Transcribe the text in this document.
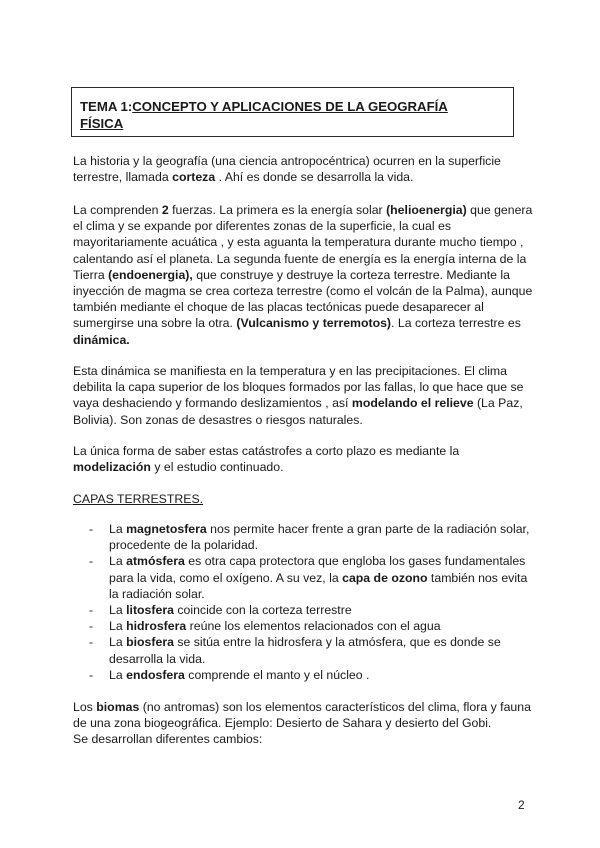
TEMA 1:CONCEPTO Y APLICACIONES DE LA GEOGRAFÍA
FÍSICA

La historia y la geografía (una ciencia antropocéntrica) ocurren en la superficie terrestre, llamada corteza . Ahí es donde se desarrolla la vida.

La comprenden 2 fuerzas. La primera es la energía solar (helioenergia) que genera el clima y se expande por diferentes zonas de la superficie, la cual es mayoritariamente acuática , y esta aguanta la temperatura durante mucho tiempo , calentando así el planeta. La segunda fuente de energía es la energía interna de la Tierra (endoenergia), que construye y destruye la corteza terrestre. Mediante la inyección de magma se crea corteza terrestre (como el volcán de la Palma), aunque también mediante el choque de las placas tectónicas puede desaparecer al sumergirse una sobre la otra. (Vulcanismo y terremotos). La corteza terrestre es dinámica.

Esta dinámica se manifiesta en la temperatura y en las precipitaciones. El clima debilita la capa superior de los bloques formados por las fallas, lo que hace que se vaya deshaciendo y formando deslizamientos , así modelando el relieve (La Paz, Bolivia). Son zonas de desastres o riesgos naturales.

La única forma de saber estas catástrofes a corto plazo es mediante la modelización y el estudio continuado.

CAPAS TERRESTRES.

- La magnetosfera nos permite hacer frente a gran parte de la radiación solar, procedente de la polaridad.
- La atmósfera es otra capa protectora que engloba los gases fundamentales para la vida, como el oxígeno. A su vez, la capa de ozono también nos evita la radiación solar.
- La litosfera coincide con la corteza terrestre
- La hidrosfera reúne los elementos relacionados con el agua
- La biosfera se sitúa entre la hidrosfera y la atmósfera, que es donde se desarrolla la vida.
- La endosfera comprende el manto y el núcleo .

Los biomas (no antromas) son los elementos característicos del clima, flora y fauna de una zona biogeográfica. Ejemplo: Desierto de Sahara y desierto del Gobi.

Se desarrollan diferentes cambios:

2
